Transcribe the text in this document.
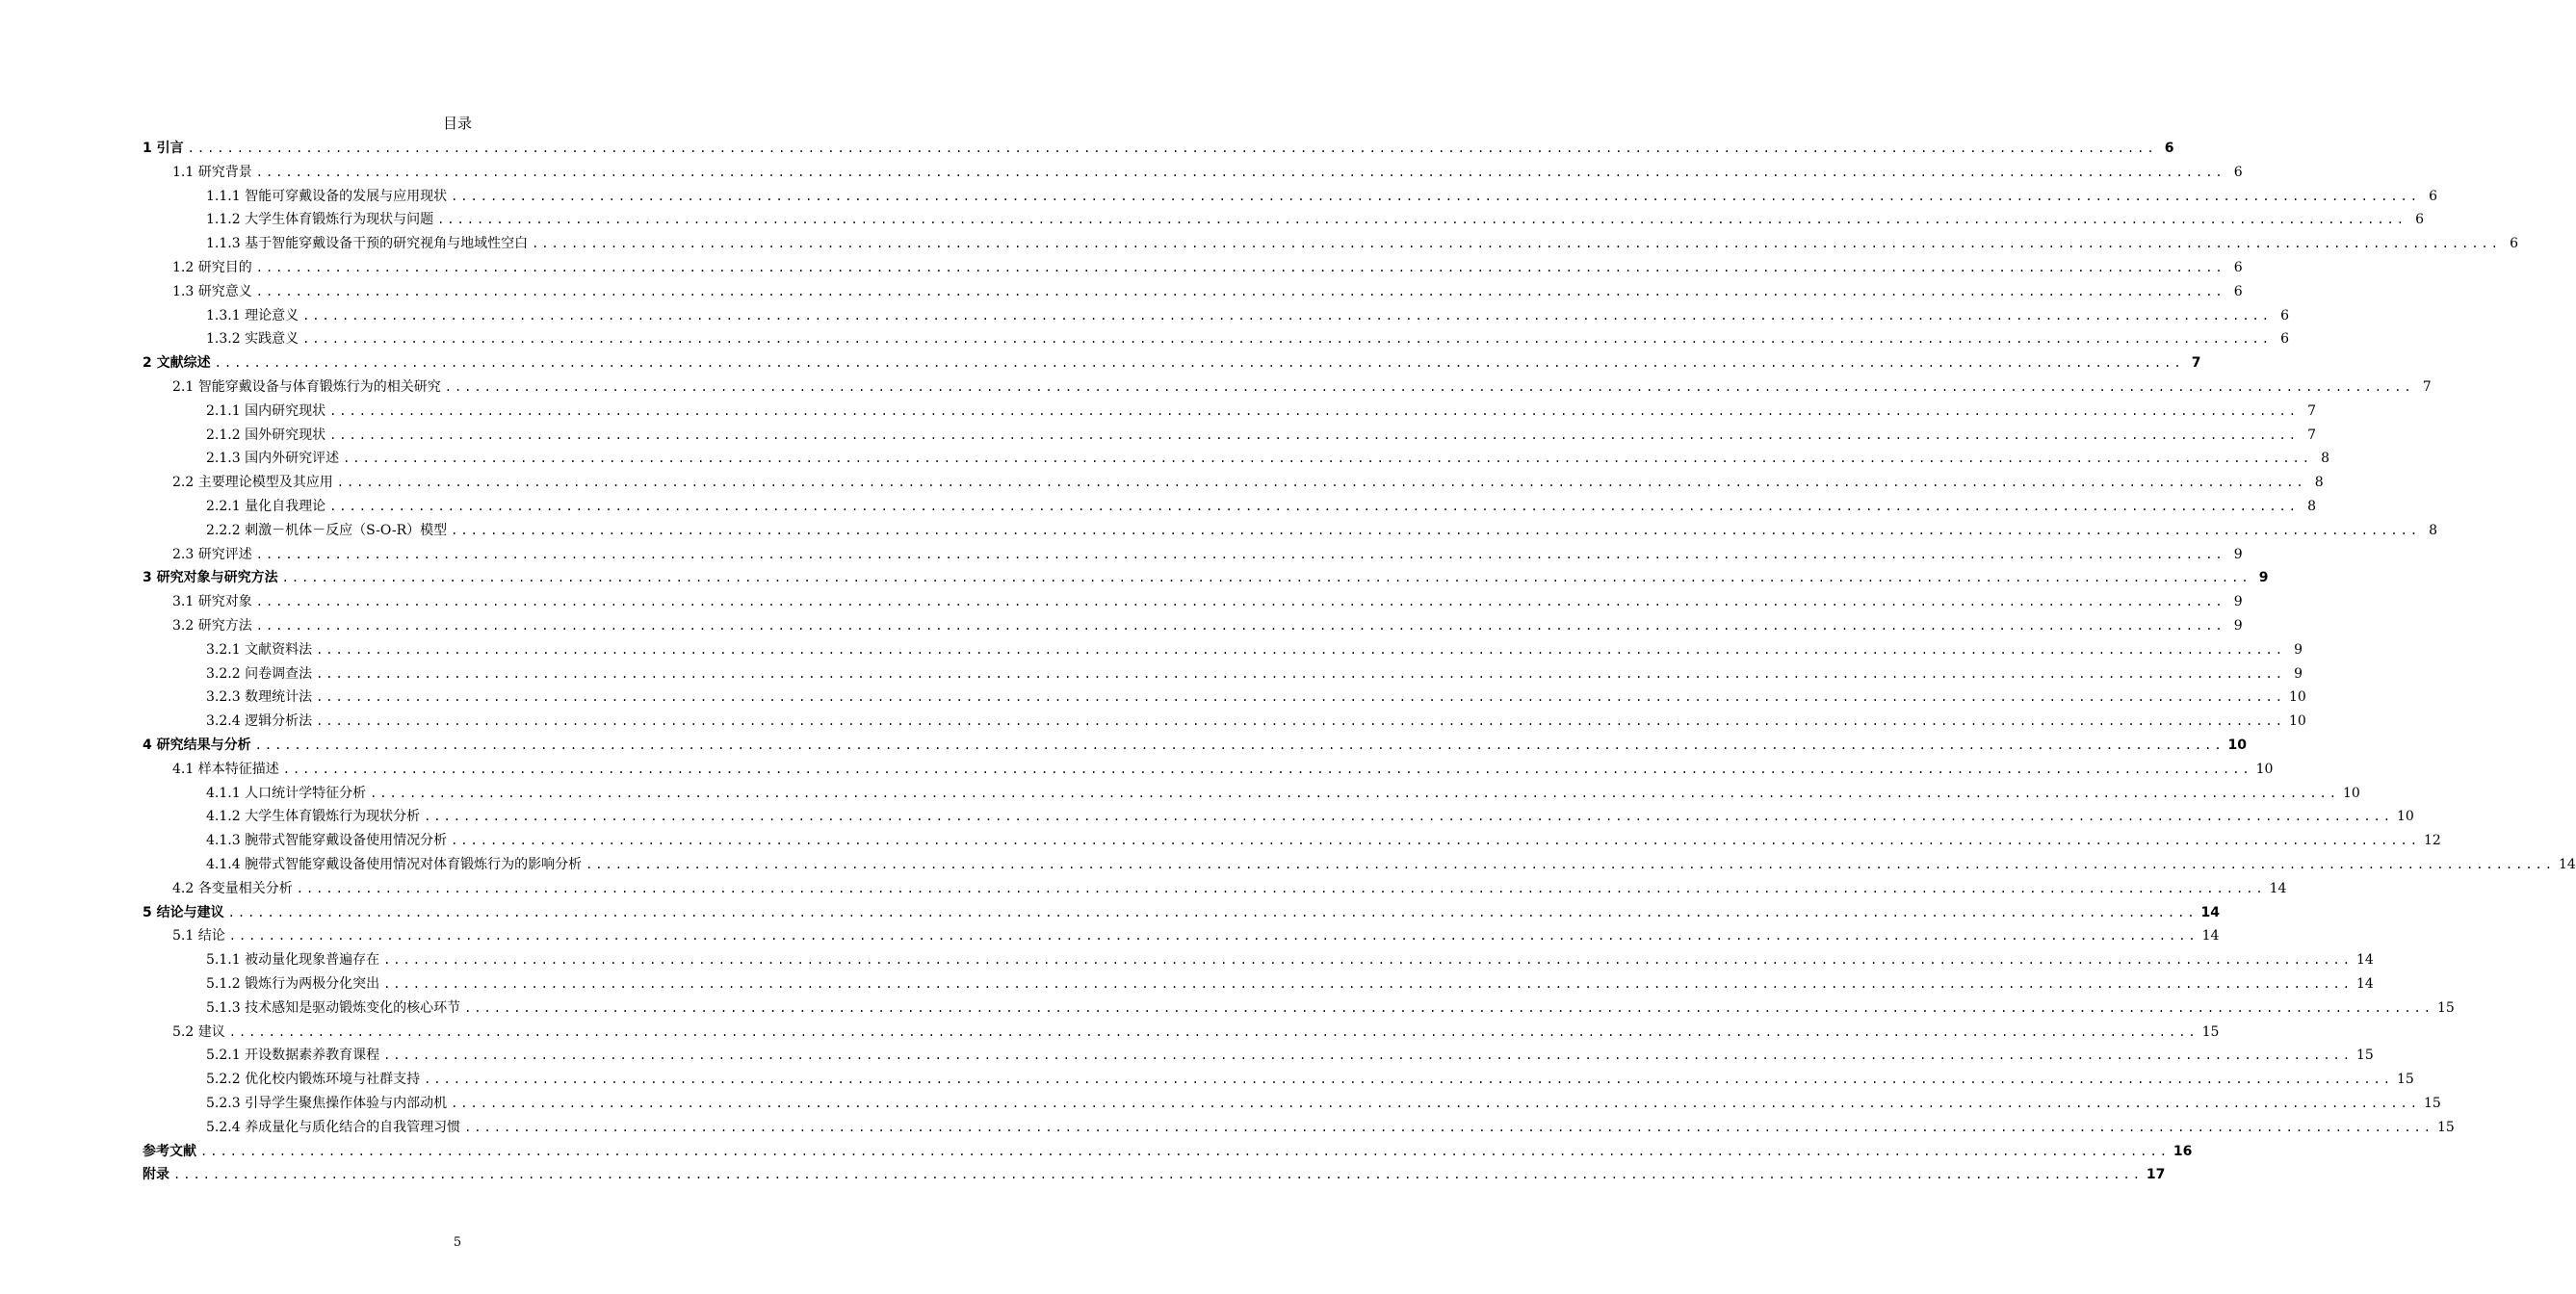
目录
1 引言 ........................................................................................................................................................................................................ 6
1.1 研究背景 ........................................................................................................................................................................................................ 6
1.1.1 智能可穿戴设备的发展与应用现状 ........................................................................................................................................................................................................ 6
1.1.2 大学生体育锻炼行为现状与问题 ........................................................................................................................................................................................................ 6
1.1.3 基于智能穿戴设备干预的研究视角与地域性空白 ........................................................................................................................................................................................................ 6
1.2 研究目的 ........................................................................................................................................................................................................ 6
1.3 研究意义 ........................................................................................................................................................................................................ 6
1.3.1 理论意义 ........................................................................................................................................................................................................ 6
1.3.2 实践意义 ........................................................................................................................................................................................................ 6
2 文献综述 ........................................................................................................................................................................................................ 7
2.1 智能穿戴设备与体育锻炼行为的相关研究 ........................................................................................................................................................................................................ 7
2.1.1 国内研究现状 ........................................................................................................................................................................................................ 7
2.1.2 国外研究现状 ........................................................................................................................................................................................................ 7
2.1.3 国内外研究评述 ........................................................................................................................................................................................................ 8
2.2 主要理论模型及其应用 ........................................................................................................................................................................................................ 8
2.2.1 量化自我理论 ........................................................................................................................................................................................................ 8
2.2.2 刺激－机体－反应（S-O-R）模型 ........................................................................................................................................................................................................ 8
2.3 研究评述 ........................................................................................................................................................................................................ 9
3 研究对象与研究方法 ........................................................................................................................................................................................................ 9
3.1 研究对象 ........................................................................................................................................................................................................ 9
3.2 研究方法 ........................................................................................................................................................................................................ 9
3.2.1 文献资料法 ........................................................................................................................................................................................................ 9
3.2.2 问卷调查法 ........................................................................................................................................................................................................ 9
3.2.3 数理统计法 ........................................................................................................................................................................................................ 10
3.2.4 逻辑分析法 ........................................................................................................................................................................................................ 10
4 研究结果与分析 ........................................................................................................................................................................................................ 10
4.1 样本特征描述 ........................................................................................................................................................................................................ 10
4.1.1 人口统计学特征分析 ........................................................................................................................................................................................................ 10
4.1.2 大学生体育锻炼行为现状分析 ........................................................................................................................................................................................................ 10
4.1.3 腕带式智能穿戴设备使用情况分析 ........................................................................................................................................................................................................ 12
4.1.4 腕带式智能穿戴设备使用情况对体育锻炼行为的影响分析 ........................................................................................................................................................................................................ 14
4.2 各变量相关分析 ........................................................................................................................................................................................................ 14
5 结论与建议 ........................................................................................................................................................................................................ 14
5.1 结论 ........................................................................................................................................................................................................ 14
5.1.1 被动量化现象普遍存在 ........................................................................................................................................................................................................ 14
5.1.2 锻炼行为两极分化突出 ........................................................................................................................................................................................................ 14
5.1.3 技术感知是驱动锻炼变化的核心环节 ........................................................................................................................................................................................................ 15
5.2 建议 ........................................................................................................................................................................................................ 15
5.2.1 开设数据素养教育课程 ........................................................................................................................................................................................................ 15
5.2.2 优化校内锻炼环境与社群支持 ........................................................................................................................................................................................................ 15
5.2.3 引导学生聚焦操作体验与内部动机 ........................................................................................................................................................................................................ 15
5.2.4 养成量化与质化结合的自我管理习惯 ........................................................................................................................................................................................................ 15
参考文献 ........................................................................................................................................................................................................ 16
附录 ........................................................................................................................................................................................................ 17
5
